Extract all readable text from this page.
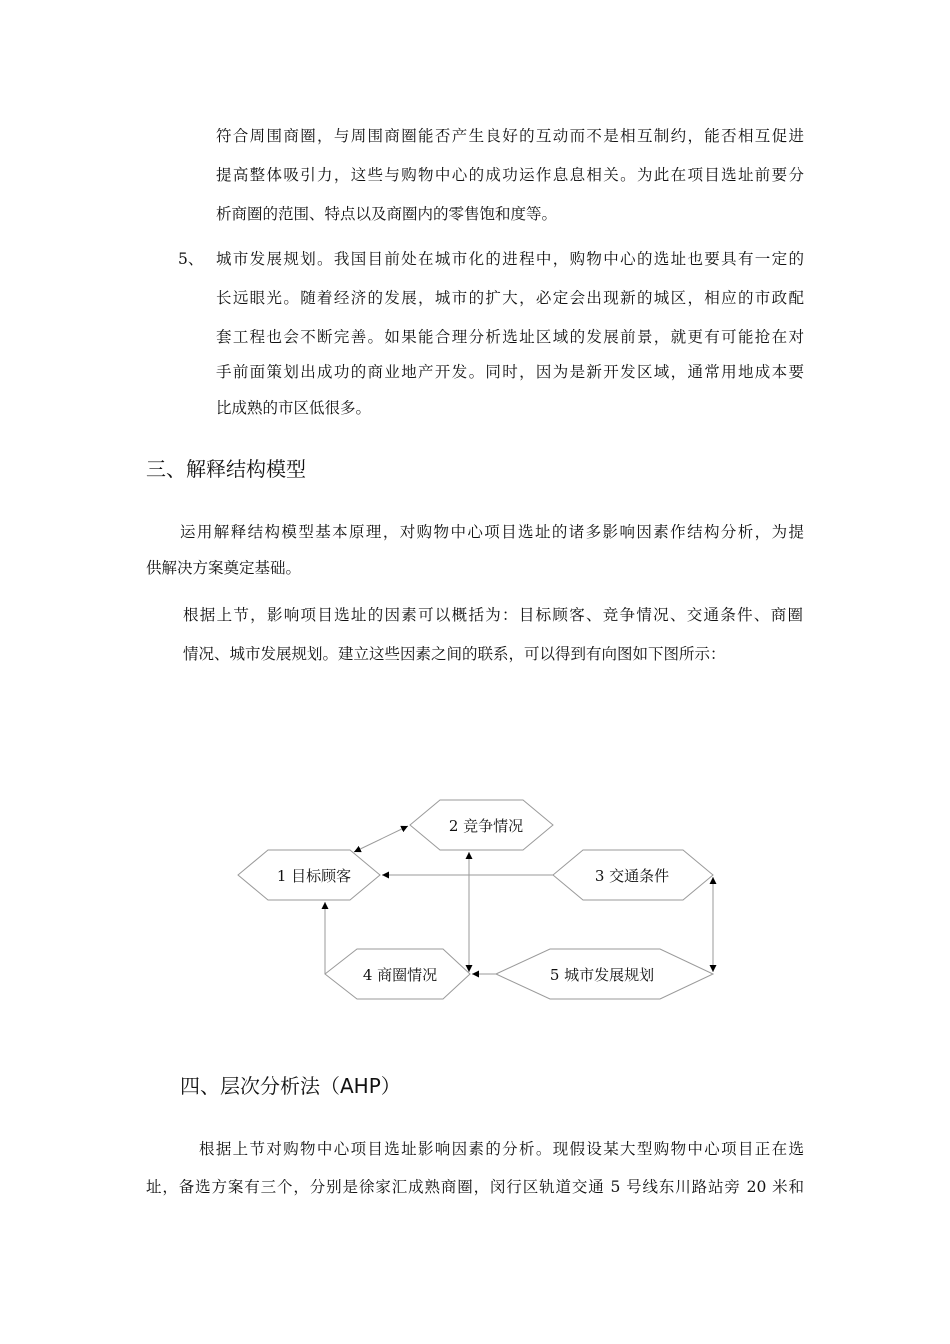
符合周围商圈，与周围商圈能否产生良好的互动而不是相互制约，能否相互促进
提高整体吸引力，这些与购物中心的成功运作息息相关。为此在项目选址前要分
析商圈的范围、特点以及商圈内的零售饱和度等。
5、 城市发展规划。我国目前处在城市化的进程中，购物中心的选址也要具有一定的
长远眼光。随着经济的发展，城市的扩大，必定会出现新的城区，相应的市政配
套工程也会不断完善。如果能合理分析选址区域的发展前景，就更有可能抢在对
手前面策划出成功的商业地产开发。同时，因为是新开发区域，通常用地成本要
比成熟的市区低很多。
三、解释结构模型
运用解释结构模型基本原理，对购物中心项目选址的诸多影响因素作结构分析，为提
供解决方案奠定基础。
根据上节，影响项目选址的因素可以概括为：目标顾客、竞争情况、交通条件、商圈
情况、城市发展规划。建立这些因素之间的联系，可以得到有向图如下图所示：
2 竞争情况
1 目标顾客	3 交通条件
4 商圈情况	5 城市发展规划
四、层次分析法（AHP）
根据上节对购物中心项目选址影响因素的分析。现假设某大型购物中心项目正在选
址，备选方案有三个，分别是徐家汇成熟商圈，闵行区轨道交通 5 号线东川路站旁 20 米和
